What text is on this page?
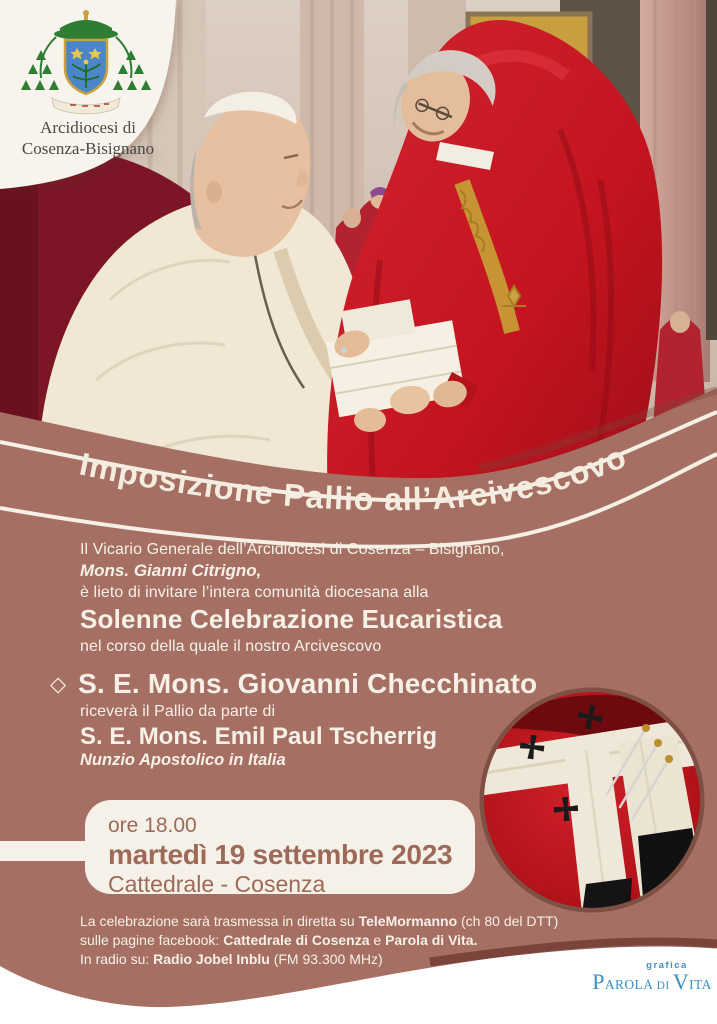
Imposizione Pallio all’Arcivescovo
Arcidiocesi di
Cosenza-Bisignano

Il Vicario Generale dell’Arcidiocesi di Cosenza – Bisignano,

Mons. Gianni Citrigno,

è lieto di invitare l’intera comunità diocesana alla

Solenne Celebrazione Eucaristica

nel corso della quale il nostro Arcivescovo

◇ S. E. Mons. Giovanni Checchinato

riceverà il Pallio da parte di

S. E. Mons. Emil Paul Tscherrig

Nunzio Apostolico in Italia

ore 18.00
martedì 19 settembre 2023
Cattedrale - Cosenza
La celebrazione sarà trasmessa in diretta su TeleMormanno (ch 80 del DTT)
sulle pagine facebook: Cattedrale di Cosenza e Parola di Vita.
In radio su: Radio Jobel Inblu (FM 93.300 MHz)	grafica
PAROLA DI VITA
